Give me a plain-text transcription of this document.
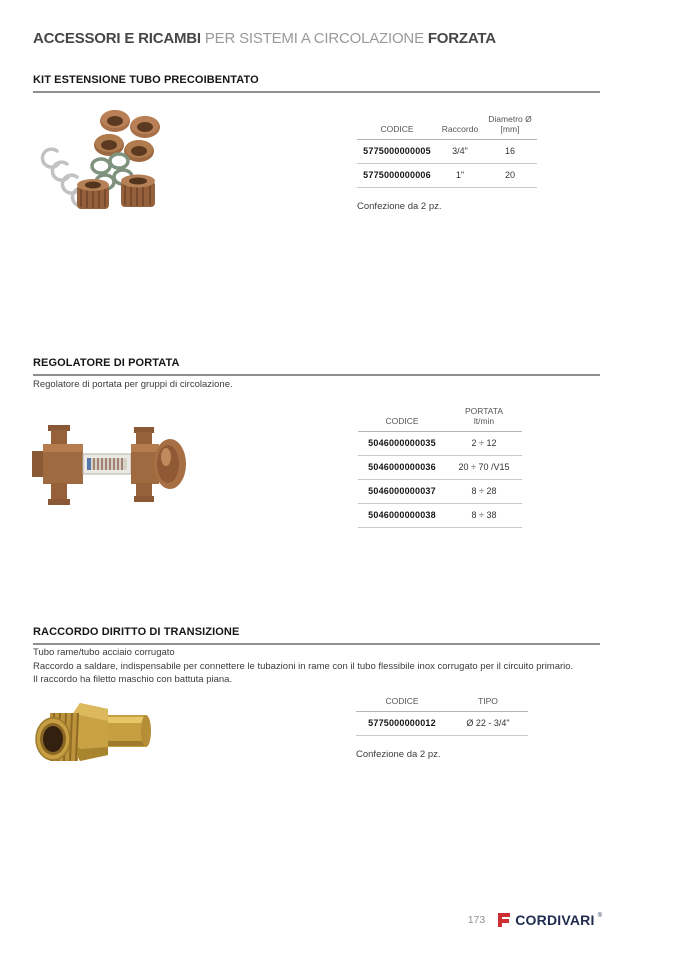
ACCESSORI E RICAMBI PER SISTEMI A CIRCOLAZIONE FORZATA
KIT ESTENSIONE TUBO PRECOIBENTATO
CODICE	Raccordo	Diametro Ø
[mm]

5775000000005	3/4"	16
5775000000006	1"	20
Confezione da 2 pz.
REGOLATORE DI PORTATA
Regolatore di portata per gruppi di circolazione.
CODICE	PORTATA
lt/min

5046000000035	2 ÷ 12
5046000000036	20 ÷ 70 /V15
5046000000037	8 ÷ 28
5046000000038	8 ÷ 38
RACCORDO DIRITTO DI TRANSIZIONE
Tubo rame/tubo acciaio corrugato
Raccordo a saldare, indispensabile per connettere le tubazioni in rame con il tubo flessibile inox corrugato per il circuito primario.
Il raccordo ha filetto maschio con battuta piana.
CODICE	TIPO
5775000000012	Ø 22 - 3/4"
Confezione da 2 pz.
173 CORDIVARI ®
